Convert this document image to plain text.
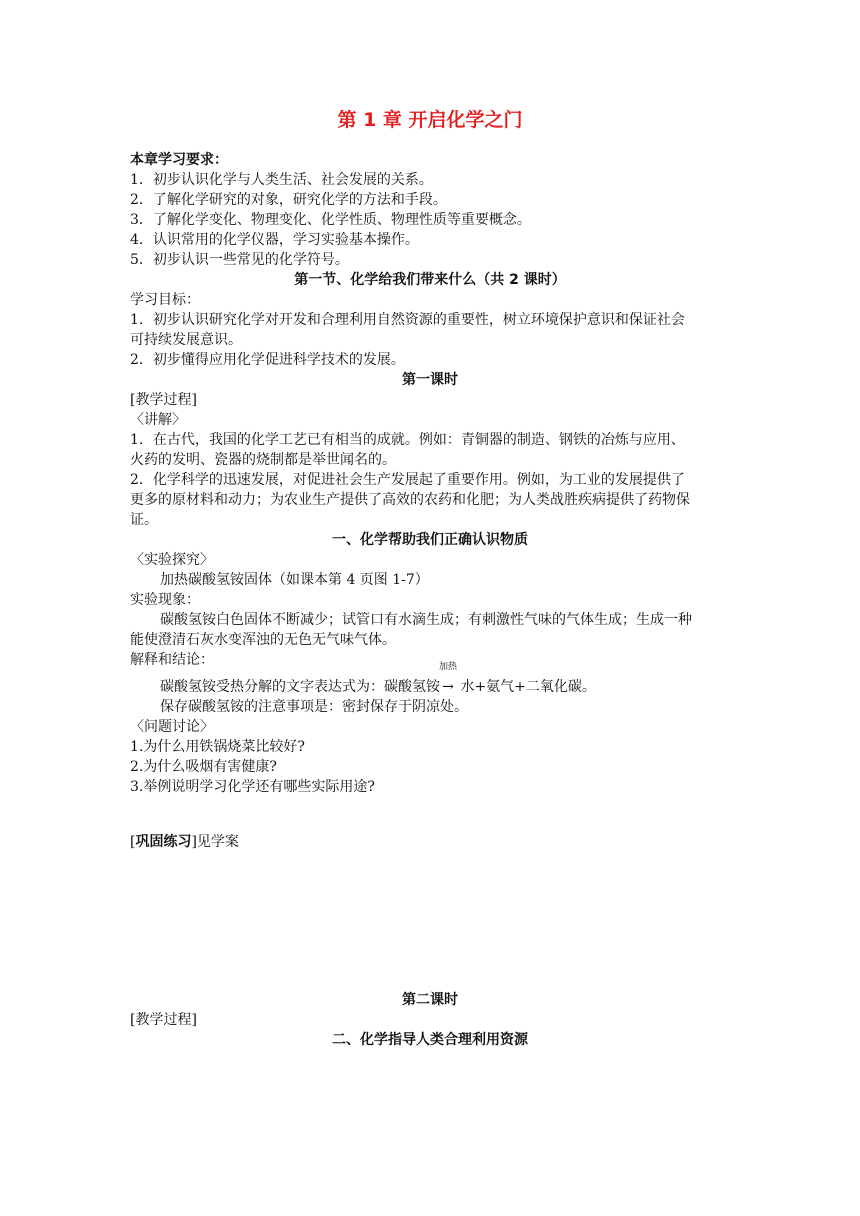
第 1 章 开启化学之门
本章学习要求：
1．初步认识化学与人类生活、社会发展的关系。
2．了解化学研究的对象，研究化学的方法和手段。
3．了解化学变化、物理变化、化学性质、物理性质等重要概念。
4．认识常用的化学仪器，学习实验基本操作。
5．初步认识一些常见的化学符号。
第一节、化学给我们带来什么（共 2 课时）
学习目标：
1．初步认识研究化学对开发和合理利用自然资源的重要性，树立环境保护意识和保证社会
可持续发展意识。
2．初步懂得应用化学促进科学技术的发展。
第一课时
[教学过程]
〈讲解〉
1．在古代，我国的化学工艺已有相当的成就。例如：青铜器的制造、钢铁的冶炼与应用、
火药的发明、瓷器的烧制都是举世闻名的。
2．化学科学的迅速发展，对促进社会生产发展起了重要作用。例如，为工业的发展提供了
更多的原材料和动力；为农业生产提供了高效的农药和化肥；为人类战胜疾病提供了药物保
证。
一、化学帮助我们正确认识物质
〈实验探究〉
加热碳酸氢铵固体（如课本第 4 页图 1-7）
实验现象：
碳酸氢铵白色固体不断减少；试管口有水滴生成；有刺激性气味的气体生成；生成一种
能使澄清石灰水变浑浊的无色无气味气体。
解释和结论：
碳酸氢铵受热分解的文字表达式为：碳酸氢铵
加热
→ 水+氨气+二氧化碳。
保存碳酸氢铵的注意事项是：密封保存于阴凉处。
〈问题讨论〉
1.为什么用铁锅烧菜比较好?
2.为什么吸烟有害健康?
3.举例说明学习化学还有哪些实际用途?
[巩固练习]见学案
第二课时
[教学过程]
二、化学指导人类合理利用资源
